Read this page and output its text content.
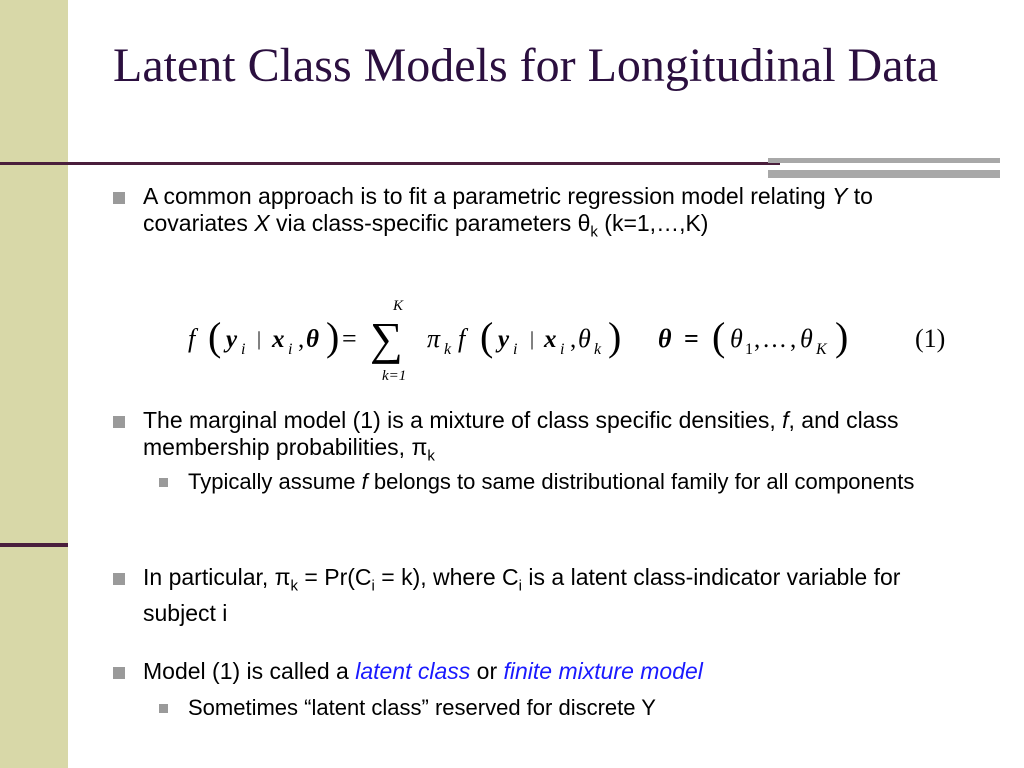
Latent Class Models for Longitudinal Data

A common approach is to fit a parametric regression model relating Y to covariates X via class-specific parameters $\theta_k$ (k=1,…,K)

f ( y i | x i , θ ) = ∑
K
k=1
π k f ( y i | x i , θ k ) θ = ( θ 1 , … , θ K )	(1)

The marginal model (1) is a mixture of class specific densities, f, and class membership probabilities, $\pi_k$

Typically assume f belongs to same distributional family for all components

In particular, $\pi_k = Pr(C_i = k)$, where $C_i$ is a latent class-indicator variable for subject i

Model (1) is called a latent class or finite mixture model

Sometimes “latent class” reserved for discrete Y
